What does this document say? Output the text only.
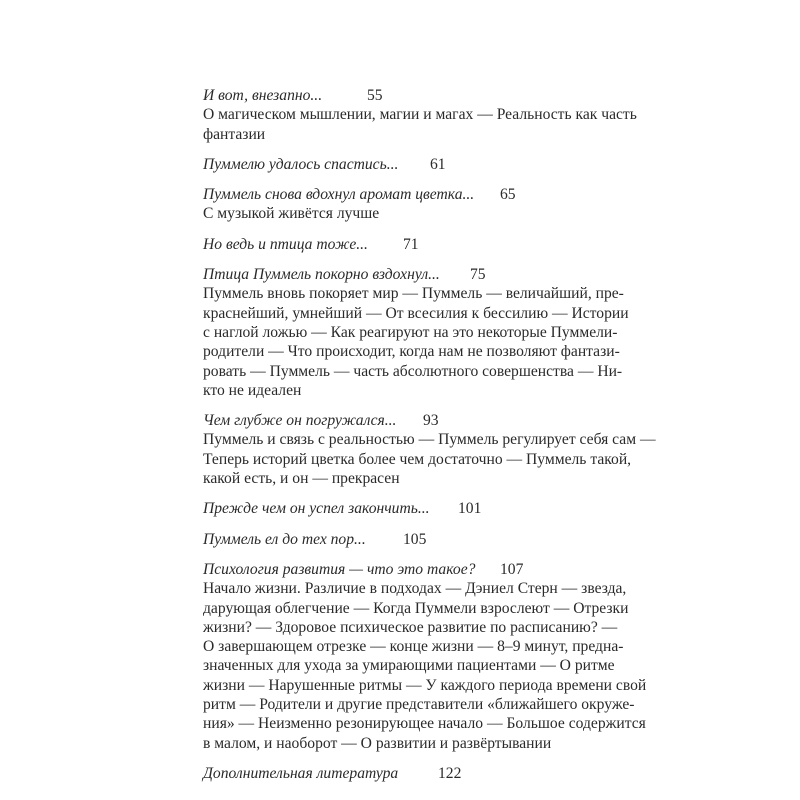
И вот, внезапно...	55
О магическом мышлении, магии и магах — Реальность как часть
фантазии
Пуммелю удалось спастись... 61
Пуммель снова вдохнул аромат цветка... 65
С музыкой живётся лучше
Но ведь и птица тоже... 71
Птица Пуммель покорно вздохнул... 75
Пуммель вновь покоряет мир — Пуммель — величайший, пре-
краснейший, умнейший — От всесилия к бессилию — Истории
с наглой ложью — Как реагируют на это некоторые Пуммели-
родители — Что происходит, когда нам не позволяют фантази-
ровать — Пуммель — часть абсолютного совершенства — Ни-
кто не идеален
Чем глубже он погружался... 93
Пуммель и связь с реальностью — Пуммель регулирует себя сам —
Теперь историй цветка более чем достаточно — Пуммель такой,
какой есть, и он — прекрасен
Прежде чем он успел закончить... 101
Пуммель ел до тех пор... 105
Психология развития — что это такое? 107
Начало жизни. Различие в подходах — Дэниел Стерн — звезда,
дарующая облегчение — Когда Пуммели взрослеют — Отрезки
жизни? — Здоровое психическое развитие по расписанию? —
О завершающем отрезке — конце жизни — 8–9 минут, предна-
значенных для ухода за умирающими пациентами — О ритме
жизни — Нарушенные ритмы — У каждого периода времени свой
ритм — Родители и другие представители «ближайшего окруже-
ния» — Неизменно резонирующее начало — Большое содержится
в малом, и наоборот — О развитии и развёртывании
Дополнительная литература	122
